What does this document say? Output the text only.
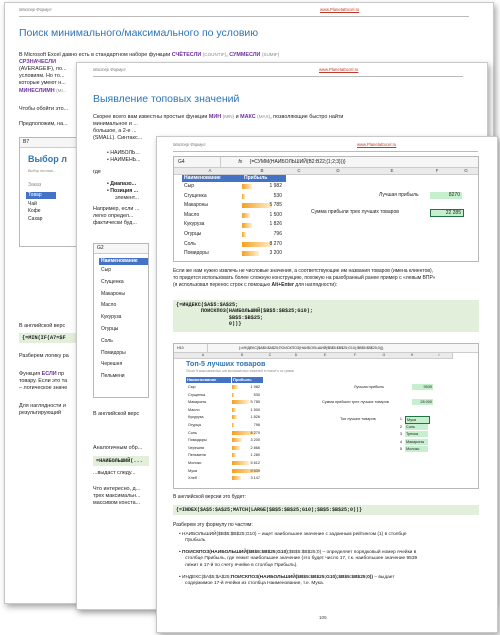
Мастер Формул	www.PlanetaExcel.ru
Поиск минимального/максимального по условию
В Microsoft Excel давно есть в стандартном наборе функции СЧЁТЕСЛИ (COUNTIF), СУММЕСЛИ (SUMIF)
СРЗНАЧЕСЛИ
(AVERAGEIF), по...
условиям. Но то...
которые умеют н...
МИНЕСЛИМН (MI...
Чтобы обойти это...
Предположим, на...
B7
Выбор л
Выбор постав...
Заказ
Товар
Чай
Кофе
Сахар
В английской верс
{=MIN(IF(A7=$F
Разберем логику ра
Функция ЕСЛИ пр
товару. Если это та
– логическое значе
Для наглядности и
результирующий
Мастер Формул	www.PlanetaExcel.ru
Выявление топовых значений
Скорее всего вам известны простые функции МИН (MIN) и МАКС (MAX), позволяющие быстро найти
минимальное и ...
большое, а 2-е ...
(SMALL). Синтакс...
• НАИБОЛЬ...
• НАИМЕНЬ...
где
• Диапазо...
• Позиция ...
элемент...
Например, если ...
легко определ...
фактически буд...
G2
Наименование
Сыр
Сгущенка
Макароны
Масло
Кукуруза
Огурцы
Соль
Помидоры
Черешня
Пельмени
В английской верс
Аналогичным обр...
=НАИБОЛЬШИЙ(...
...выдаст следу...
Что интересно, д...
трех максимальн...
массивом конста...
Мастер Формул	www.PlanetaExcel.ru
G4	fx {=СУММ(НАИБОЛЬШИЙ(B2:B22;{1;2;3}))}
A	B	C	D	E	F	G
Наименование	Прибыль
Сыр	1 982
Сгущенка	530
Макароны	5 785
Масло	1 500
Кукуруза	1 826
Огурцы	796
Соль	8 270
Помидоры	3 200
Лучшая прибыль	8270
Сумма прибыли трех лучших товаров	22 285
Если же нам нужно извлечь не числовые значения, а соответствующие им названия товаров (имена клиентов),
то придется использовать более сложную конструкцию, похожую на разобранный ранее пример с «левым ВПР»
(я использовал перенос строк с помощью Alt+Enter для наглядности):
{=ИНДЕКС($A$5:$A$25;
ПОИСКПОЗ(НАИБОЛЬШИЙ($B$5:$B$25;G10);
$B$5:$B$25;
0))}
H10	{=ИНДЕКС($A$5:$A$25;ПОИСКПОЗ(НАИБОЛЬШИЙ($B$5:$B$25;G10);$B$5:$B$25;0))}
A	B	C	D	E	F	G	H	I
Топ-5 лучших товаров
Поиск N максимальных или минимальных значений в списке и их суммы
Наименование	Прибыль
Сыр	1 982
Сгущенка	530
Макароны	5 785
Масло	1 500
Кукуруза	1 826
Огурцы	796
Соль	8 270
Помидоры	3 200
Черешня	2 866
Пельмени	1 280
Молоко	5 612
Мука	9 539
Хлеб	3 147
Лучшая прибыль	9539
Сумма прибыли трех лучших товаров	28 000
Топ лучших товаров	1	Мука
2 Соль
3 Треска
4 Макароны
5 Молоко
В английской версии это будет:
{=INDEX($A$5:$A$25;MATCH(LARGE($B$5:$B$25;G10);$B$5:$B$25;0))}
Разберем эту формулу по частям:
• НАИБОЛЬШИЙ($B$5:$B$25;G10) – ищет наибольшее значение с заданным рейтингом (1) в столбце
Прибыль.
• ПОИСКПОЗ(НАИБОЛЬШИЙ($B$5:$B$25;G10);$B$5:$B$25;0) – определяет порядковый номер ячейки в
столбце Прибыль, где лежит наибольшее значение (это будет число 17, т.к. наибольшее значение 9539
лежит в 17-й по счету ячейке в столбце Прибыль).
• ИНДЕКС($A$5:$A$25;ПОИСКПОЗ(НАИБОЛЬШИЙ($B$5:$B$25;G10);$B$5:$B$25;0)) – выдает
содержимое 17-й ячейки из столбца Наименование, т.е. Мука.
105
